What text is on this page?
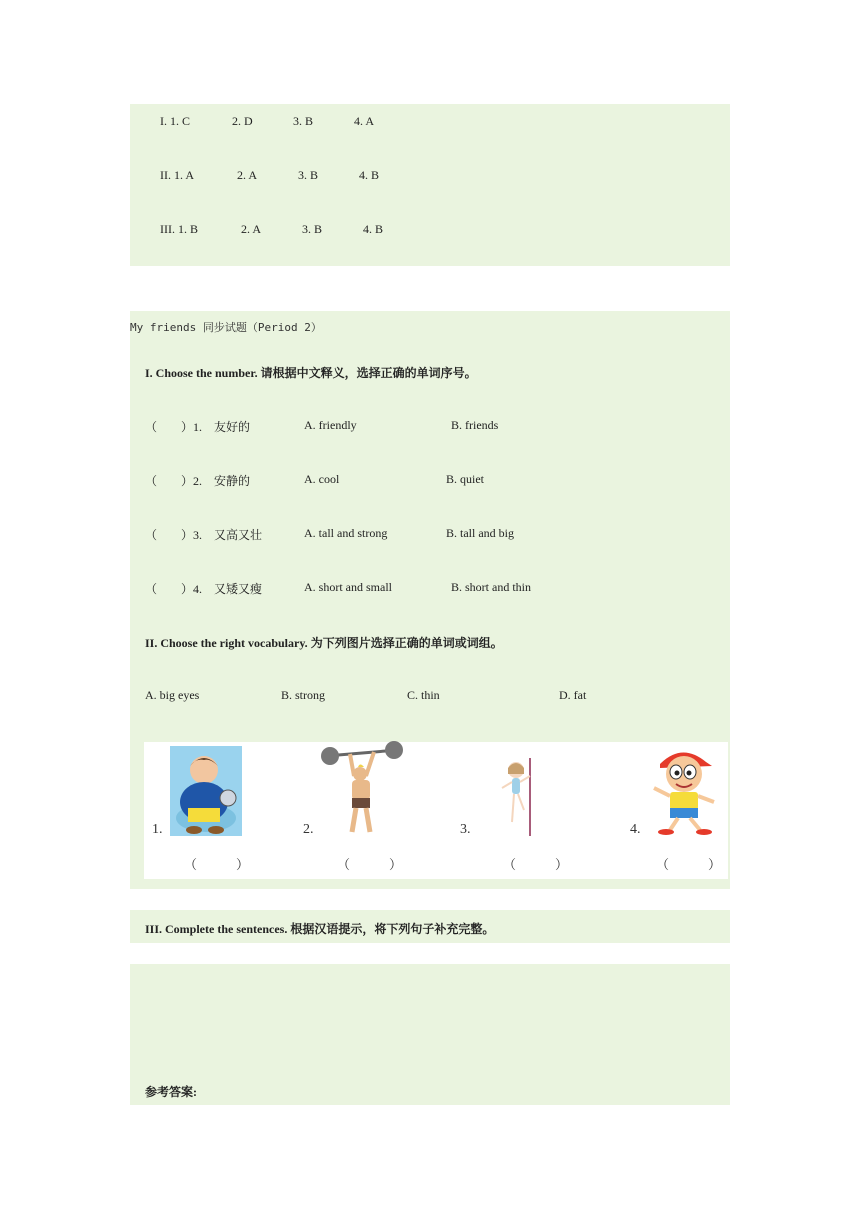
I. 1. C	2. D	3. B	4. A
II. 1. A	2. A	3. B	4. B
III. 1. B	2. A	3. B	4. B
My friends 同步试题（Period 2）
I. Choose the number. 请根据中文释义，选择正确的单词序号。
（　　）1. 友好的	A. friendly	B. friends
（　　）2. 安静的	A. cool	B. quiet
（　　）3. 又高又壮	A. tall and strong	B. tall and big
（　　）4. 又矮又瘦	A. short and small	B. short and thin
II. Choose the right vocabulary. 为下列图片选择正确的单词或词组。
A. big eyes	B. strong	C. thin	D. fat
1.
（　　　）
2.
（　　　）
3.
（　　　）
4.
（　　　）
III. Complete the sentences. 根据汉语提示，将下列句子补充完整。
参考答案:
